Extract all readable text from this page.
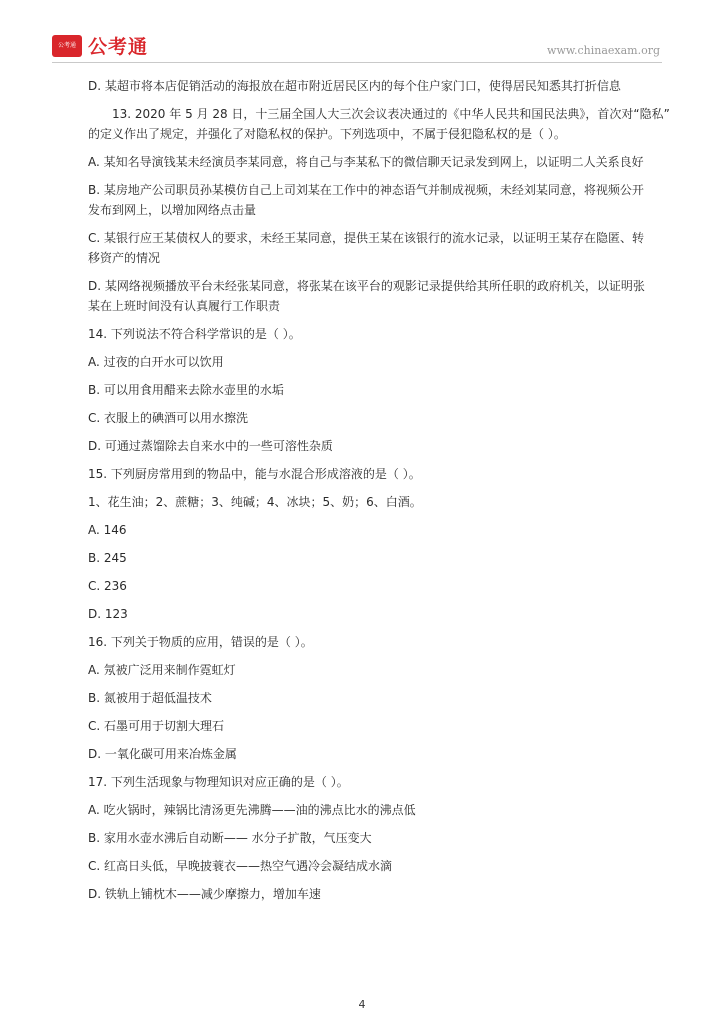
公考通 公考通	www.chinaexam.org

D. 某超市将本店促销活动的海报放在超市附近居民区内的每个住户家门口，使得居民知悉其打折信息

13. 2020 年 5 月 28 日，十三届全国人大三次会议表决通过的《中华人民共和国民法典》，首次对“隐私”

的定义作出了规定，并强化了对隐私权的保护。下列选项中，不属于侵犯隐私权的是（ ）。

A. 某知名导演钱某未经演员李某同意，将自己与李某私下的微信聊天记录发到网上，以证明二人关系良好

B. 某房地产公司职员孙某模仿自己上司刘某在工作中的神态语气并制成视频，未经刘某同意，将视频公开

发布到网上，以增加网络点击量

C. 某银行应王某债权人的要求，未经王某同意，提供王某在该银行的流水记录，以证明王某存在隐匿、转

移资产的情况

D. 某网络视频播放平台未经张某同意，将张某在该平台的观影记录提供给其所任职的政府机关，以证明张

某在上班时间没有认真履行工作职责

14. 下列说法不符合科学常识的是（ ）。

A. 过夜的白开水可以饮用

B. 可以用食用醋来去除水壶里的水垢

C. 衣服上的碘酒可以用水擦洗

D. 可通过蒸馏除去自来水中的一些可溶性杂质

15. 下列厨房常用到的物品中，能与水混合形成溶液的是（ ）。

1、花生油；2、蔗糖；3、纯碱；4、冰块；5、奶；6、白酒。

A. 146

B. 245

C. 236

D. 123

16. 下列关于物质的应用，错误的是（ ）。

A. 氖被广泛用来制作霓虹灯

B. 氮被用于超低温技术

C. 石墨可用于切割大理石

D. 一氧化碳可用来冶炼金属

17. 下列生活现象与物理知识对应正确的是（ ）。

A. 吃火锅时，辣锅比清汤更先沸腾——油的沸点比水的沸点低

B. 家用水壶水沸后自动断—— 水分子扩散，气压变大

C. 红高日头低，早晚披蓑衣——热空气遇冷会凝结成水滴

D. 铁轨上铺枕木——减少摩擦力，增加车速

4
